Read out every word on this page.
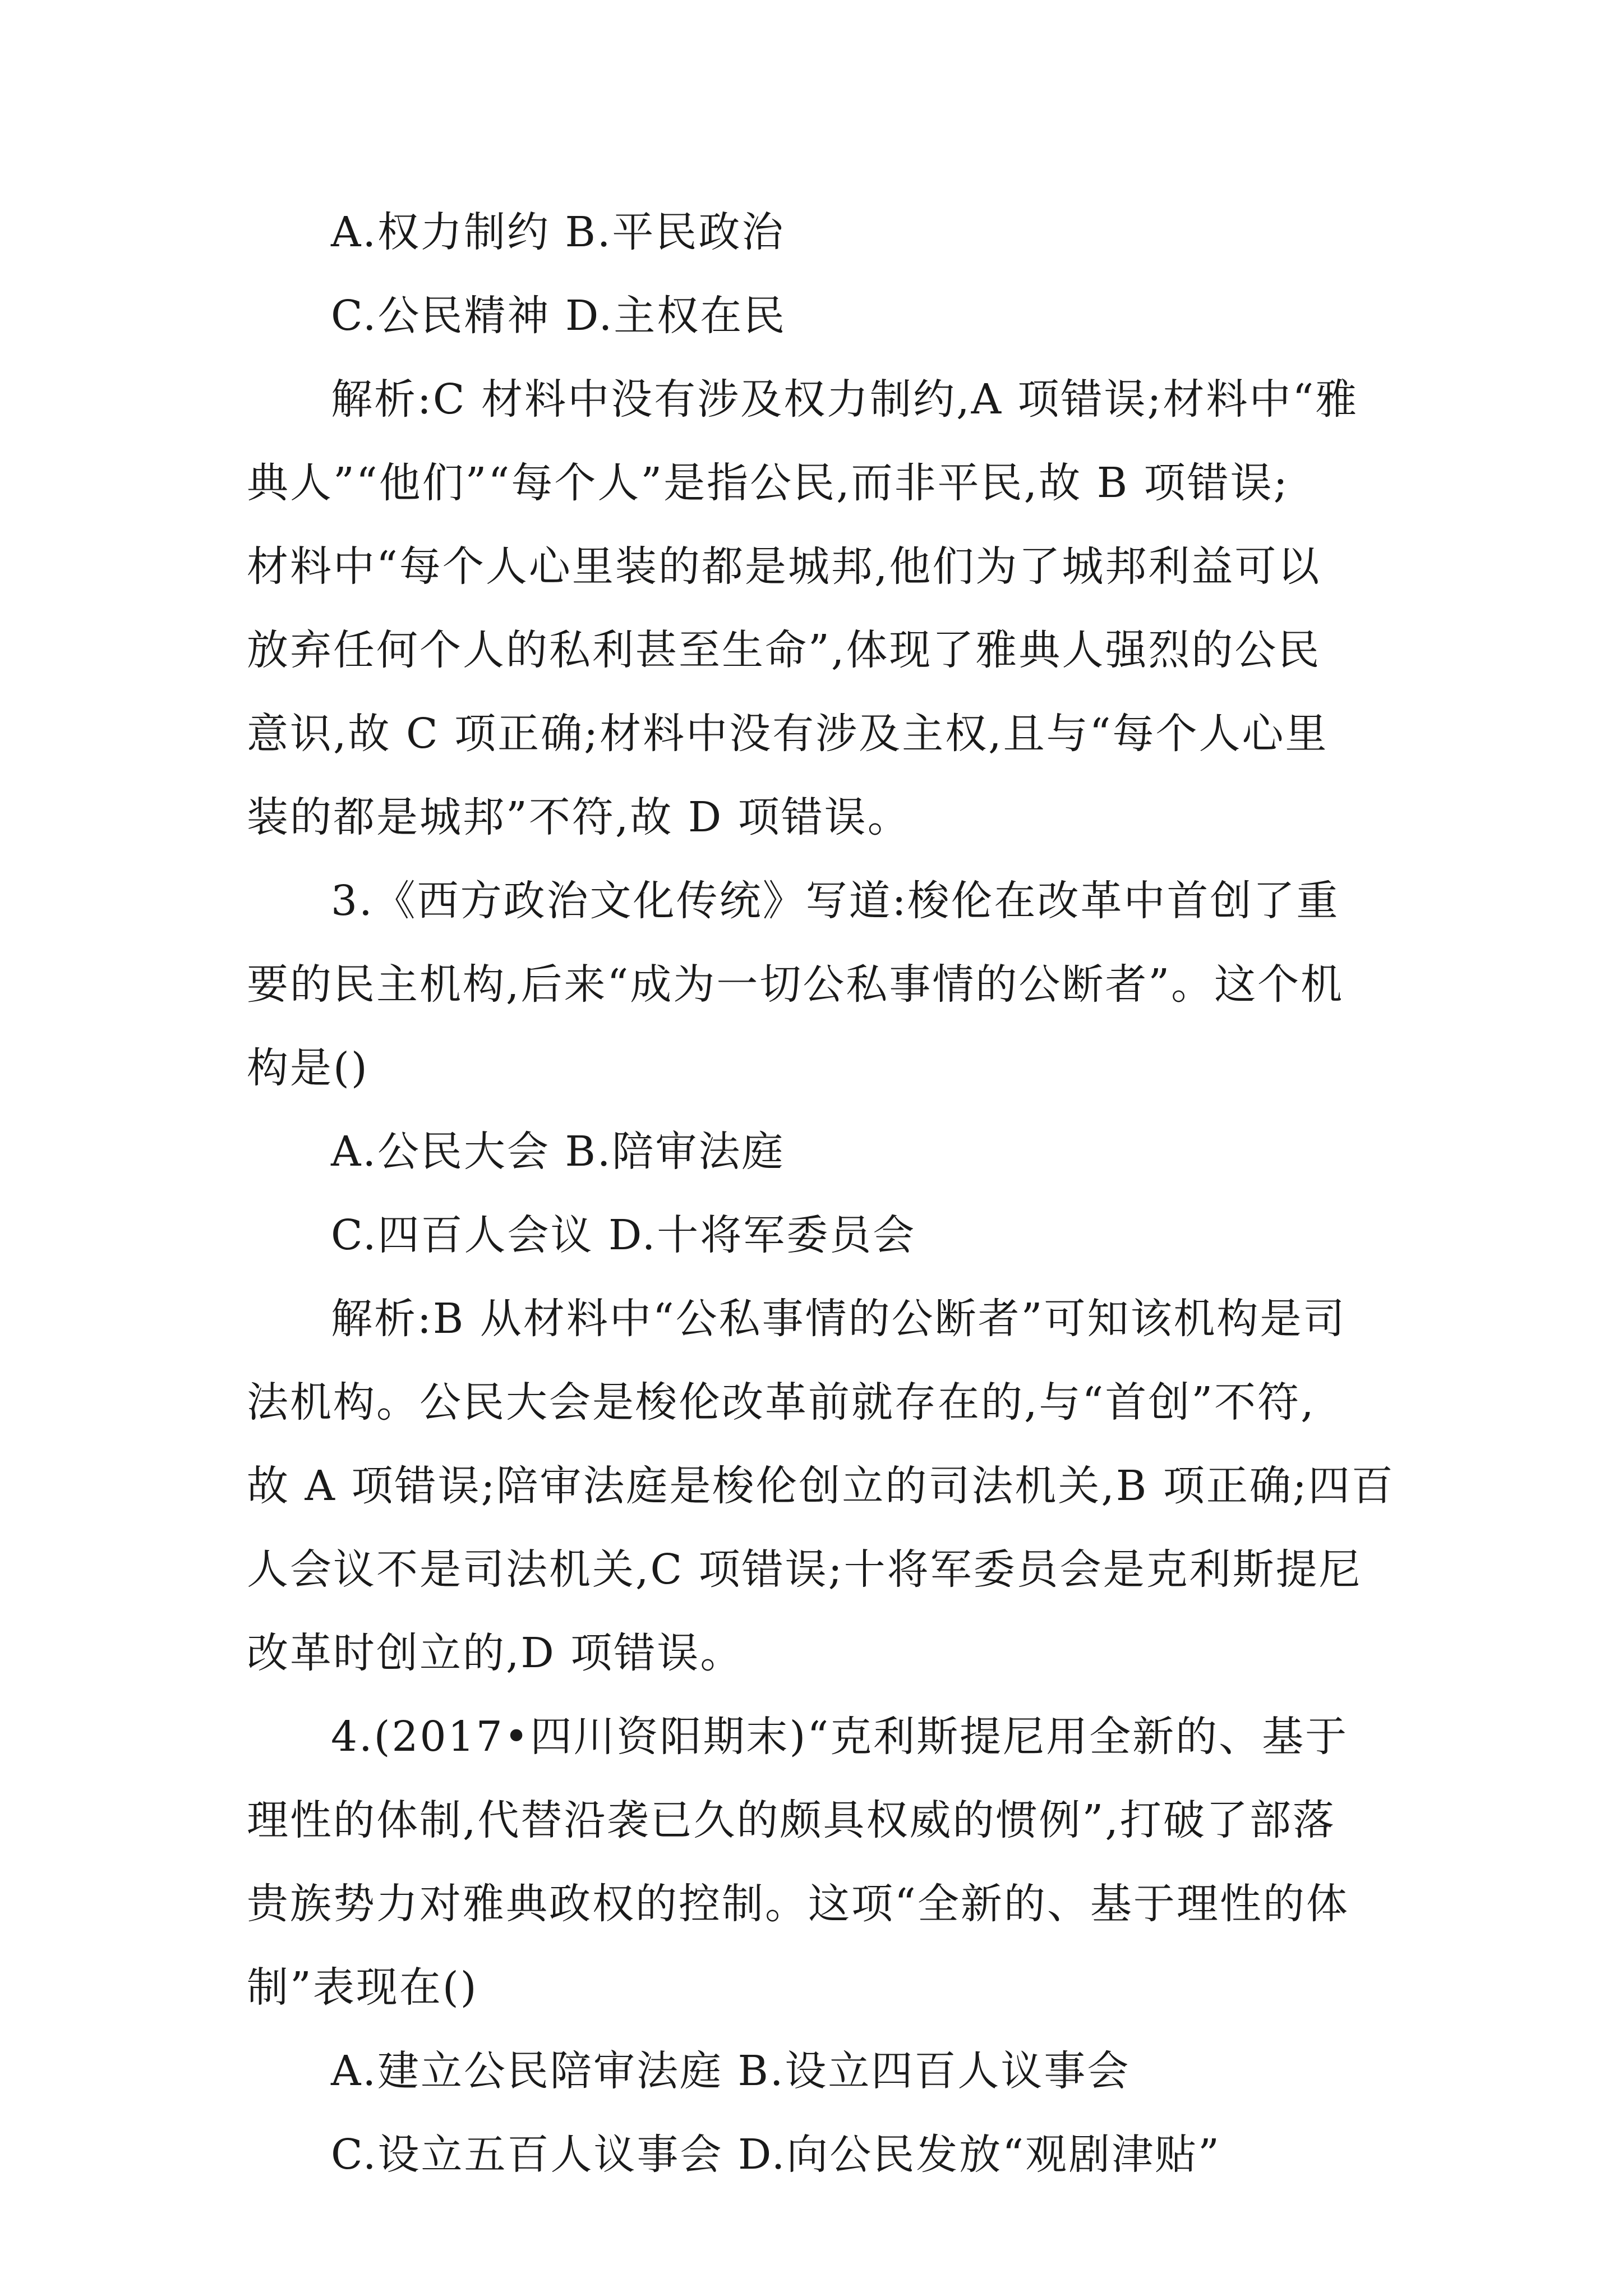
A.权力制约 B.平民政治
C.公民精神 D.主权在民
解析:C 材料中没有涉及权力制约,A 项错误;材料中“雅
典人”“他们”“每个人”是指公民,而非平民,故 B 项错误;
材料中“每个人心里装的都是城邦,他们为了城邦利益可以
放弃任何个人的私利甚至生命”,体现了雅典人强烈的公民
意识,故 C 项正确;材料中没有涉及主权,且与“每个人心里
装的都是城邦”不符,故 D 项错误。
3.《西方政治文化传统》写道:梭伦在改革中首创了重
要的民主机构,后来“成为一切公私事情的公断者”。这个机
构是()
A.公民大会 B.陪审法庭
C.四百人会议 D.十将军委员会
解析:B 从材料中“公私事情的公断者”可知该机构是司
法机构。公民大会是梭伦改革前就存在的,与“首创”不符,
故 A 项错误;陪审法庭是梭伦创立的司法机关,B 项正确;四百
人会议不是司法机关,C 项错误;十将军委员会是克利斯提尼
改革时创立的,D 项错误。
4.(2017•四川资阳期末)“克利斯提尼用全新的、基于
理性的体制,代替沿袭已久的颇具权威的惯例”,打破了部落
贵族势力对雅典政权的控制。这项“全新的、基于理性的体
制”表现在()
A.建立公民陪审法庭 B.设立四百人议事会
C.设立五百人议事会 D.向公民发放“观剧津贴”
